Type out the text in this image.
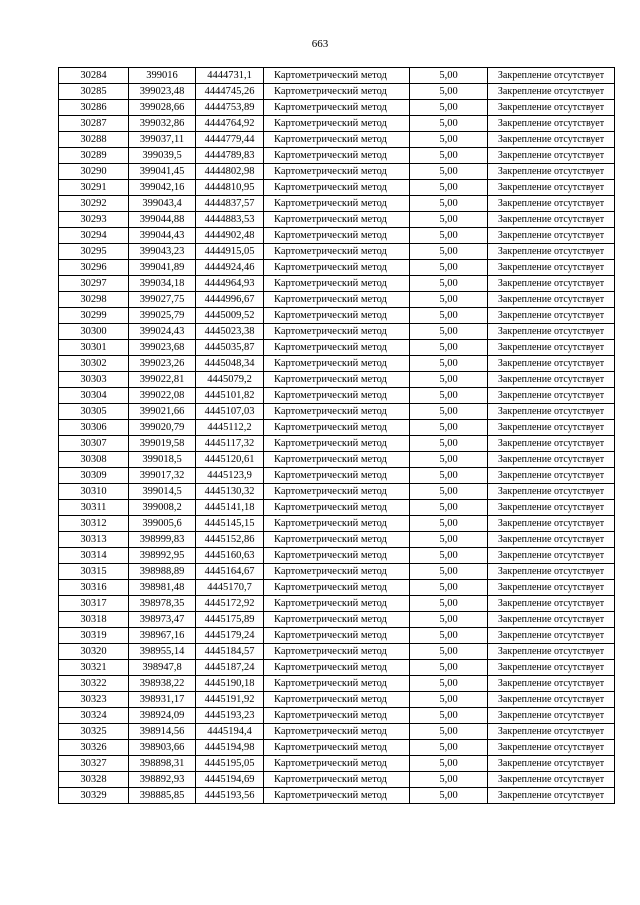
663
30284	399016	4444731,1	Картометрический метод	5,00	Закрепление отсутствует
30285	399023,48	4444745,26	Картометрический метод	5,00	Закрепление отсутствует
30286	399028,66	4444753,89	Картометрический метод	5,00	Закрепление отсутствует
30287	399032,86	4444764,92	Картометрический метод	5,00	Закрепление отсутствует
30288	399037,11	4444779,44	Картометрический метод	5,00	Закрепление отсутствует
30289	399039,5	4444789,83	Картометрический метод	5,00	Закрепление отсутствует
30290	399041,45	4444802,98	Картометрический метод	5,00	Закрепление отсутствует
30291	399042,16	4444810,95	Картометрический метод	5,00	Закрепление отсутствует
30292	399043,4	4444837,57	Картометрический метод	5,00	Закрепление отсутствует
30293	399044,88	4444883,53	Картометрический метод	5,00	Закрепление отсутствует
30294	399044,43	4444902,48	Картометрический метод	5,00	Закрепление отсутствует
30295	399043,23	4444915,05	Картометрический метод	5,00	Закрепление отсутствует
30296	399041,89	4444924,46	Картометрический метод	5,00	Закрепление отсутствует
30297	399034,18	4444964,93	Картометрический метод	5,00	Закрепление отсутствует
30298	399027,75	4444996,67	Картометрический метод	5,00	Закрепление отсутствует
30299	399025,79	4445009,52	Картометрический метод	5,00	Закрепление отсутствует
30300	399024,43	4445023,38	Картометрический метод	5,00	Закрепление отсутствует
30301	399023,68	4445035,87	Картометрический метод	5,00	Закрепление отсутствует
30302	399023,26	4445048,34	Картометрический метод	5,00	Закрепление отсутствует
30303	399022,81	4445079,2	Картометрический метод	5,00	Закрепление отсутствует
30304	399022,08	4445101,82	Картометрический метод	5,00	Закрепление отсутствует
30305	399021,66	4445107,03	Картометрический метод	5,00	Закрепление отсутствует
30306	399020,79	4445112,2	Картометрический метод	5,00	Закрепление отсутствует
30307	399019,58	4445117,32	Картометрический метод	5,00	Закрепление отсутствует
30308	399018,5	4445120,61	Картометрический метод	5,00	Закрепление отсутствует
30309	399017,32	4445123,9	Картометрический метод	5,00	Закрепление отсутствует
30310	399014,5	4445130,32	Картометрический метод	5,00	Закрепление отсутствует
30311	399008,2	4445141,18	Картометрический метод	5,00	Закрепление отсутствует
30312	399005,6	4445145,15	Картометрический метод	5,00	Закрепление отсутствует
30313	398999,83	4445152,86	Картометрический метод	5,00	Закрепление отсутствует
30314	398992,95	4445160,63	Картометрический метод	5,00	Закрепление отсутствует
30315	398988,89	4445164,67	Картометрический метод	5,00	Закрепление отсутствует
30316	398981,48	4445170,7	Картометрический метод	5,00	Закрепление отсутствует
30317	398978,35	4445172,92	Картометрический метод	5,00	Закрепление отсутствует
30318	398973,47	4445175,89	Картометрический метод	5,00	Закрепление отсутствует
30319	398967,16	4445179,24	Картометрический метод	5,00	Закрепление отсутствует
30320	398955,14	4445184,57	Картометрический метод	5,00	Закрепление отсутствует
30321	398947,8	4445187,24	Картометрический метод	5,00	Закрепление отсутствует
30322	398938,22	4445190,18	Картометрический метод	5,00	Закрепление отсутствует
30323	398931,17	4445191,92	Картометрический метод	5,00	Закрепление отсутствует
30324	398924,09	4445193,23	Картометрический метод	5,00	Закрепление отсутствует
30325	398914,56	4445194,4	Картометрический метод	5,00	Закрепление отсутствует
30326	398903,66	4445194,98	Картометрический метод	5,00	Закрепление отсутствует
30327	398898,31	4445195,05	Картометрический метод	5,00	Закрепление отсутствует
30328	398892,93	4445194,69	Картометрический метод	5,00	Закрепление отсутствует
30329	398885,85	4445193,56	Картометрический метод	5,00	Закрепление отсутствует
